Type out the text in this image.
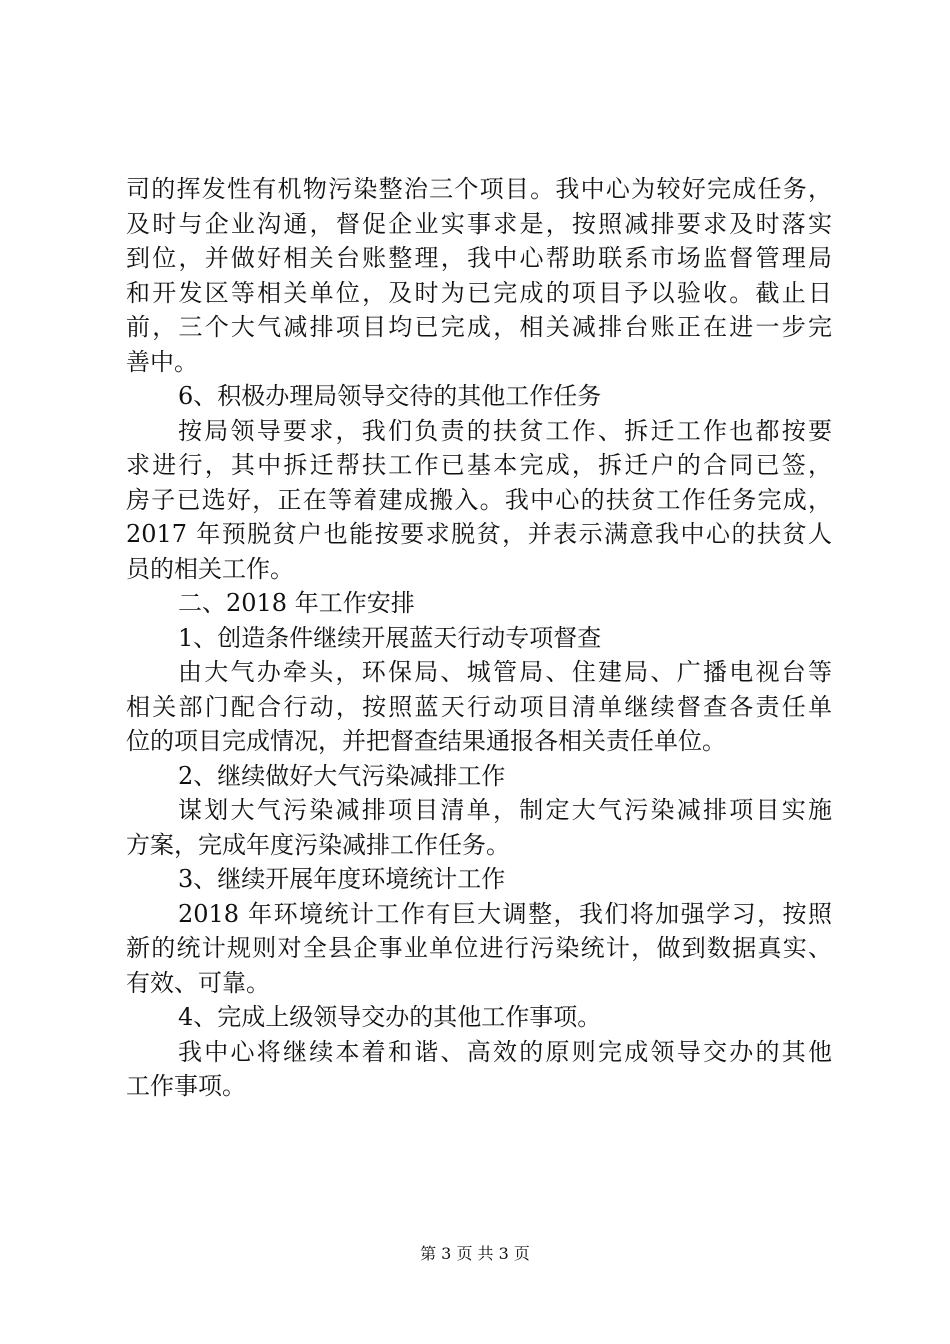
司的挥发性有机物污染整治三个项目。我中心为较好完成任务，
及时与企业沟通，督促企业实事求是，按照减排要求及时落实
到位，并做好相关台账整理，我中心帮助联系市场监督管理局
和开发区等相关单位，及时为已完成的项目予以验收。截止日
前，三个大气减排项目均已完成，相关减排台账正在进一步完
善中。
6、积极办理局领导交待的其他工作任务
按局领导要求，我们负责的扶贫工作、拆迁工作也都按要
求进行，其中拆迁帮扶工作已基本完成，拆迁户的合同已签，
房子已选好，正在等着建成搬入。我中心的扶贫工作任务完成，
2017 年预脱贫户也能按要求脱贫，并表示满意我中心的扶贫人
员的相关工作。
二、2018 年工作安排
1、创造条件继续开展蓝天行动专项督查
由大气办牵头，环保局、城管局、住建局、广播电视台等
相关部门配合行动，按照蓝天行动项目清单继续督查各责任单
位的项目完成情况，并把督查结果通报各相关责任单位。
2、继续做好大气污染减排工作
谋划大气污染减排项目清单，制定大气污染减排项目实施
方案，完成年度污染减排工作任务。
3、继续开展年度环境统计工作
2018 年环境统计工作有巨大调整，我们将加强学习，按照
新的统计规则对全县企事业单位进行污染统计，做到数据真实、
有效、可靠。
4、完成上级领导交办的其他工作事项。
我中心将继续本着和谐、高效的原则完成领导交办的其他
工作事项。
第 3 页 共 3 页
